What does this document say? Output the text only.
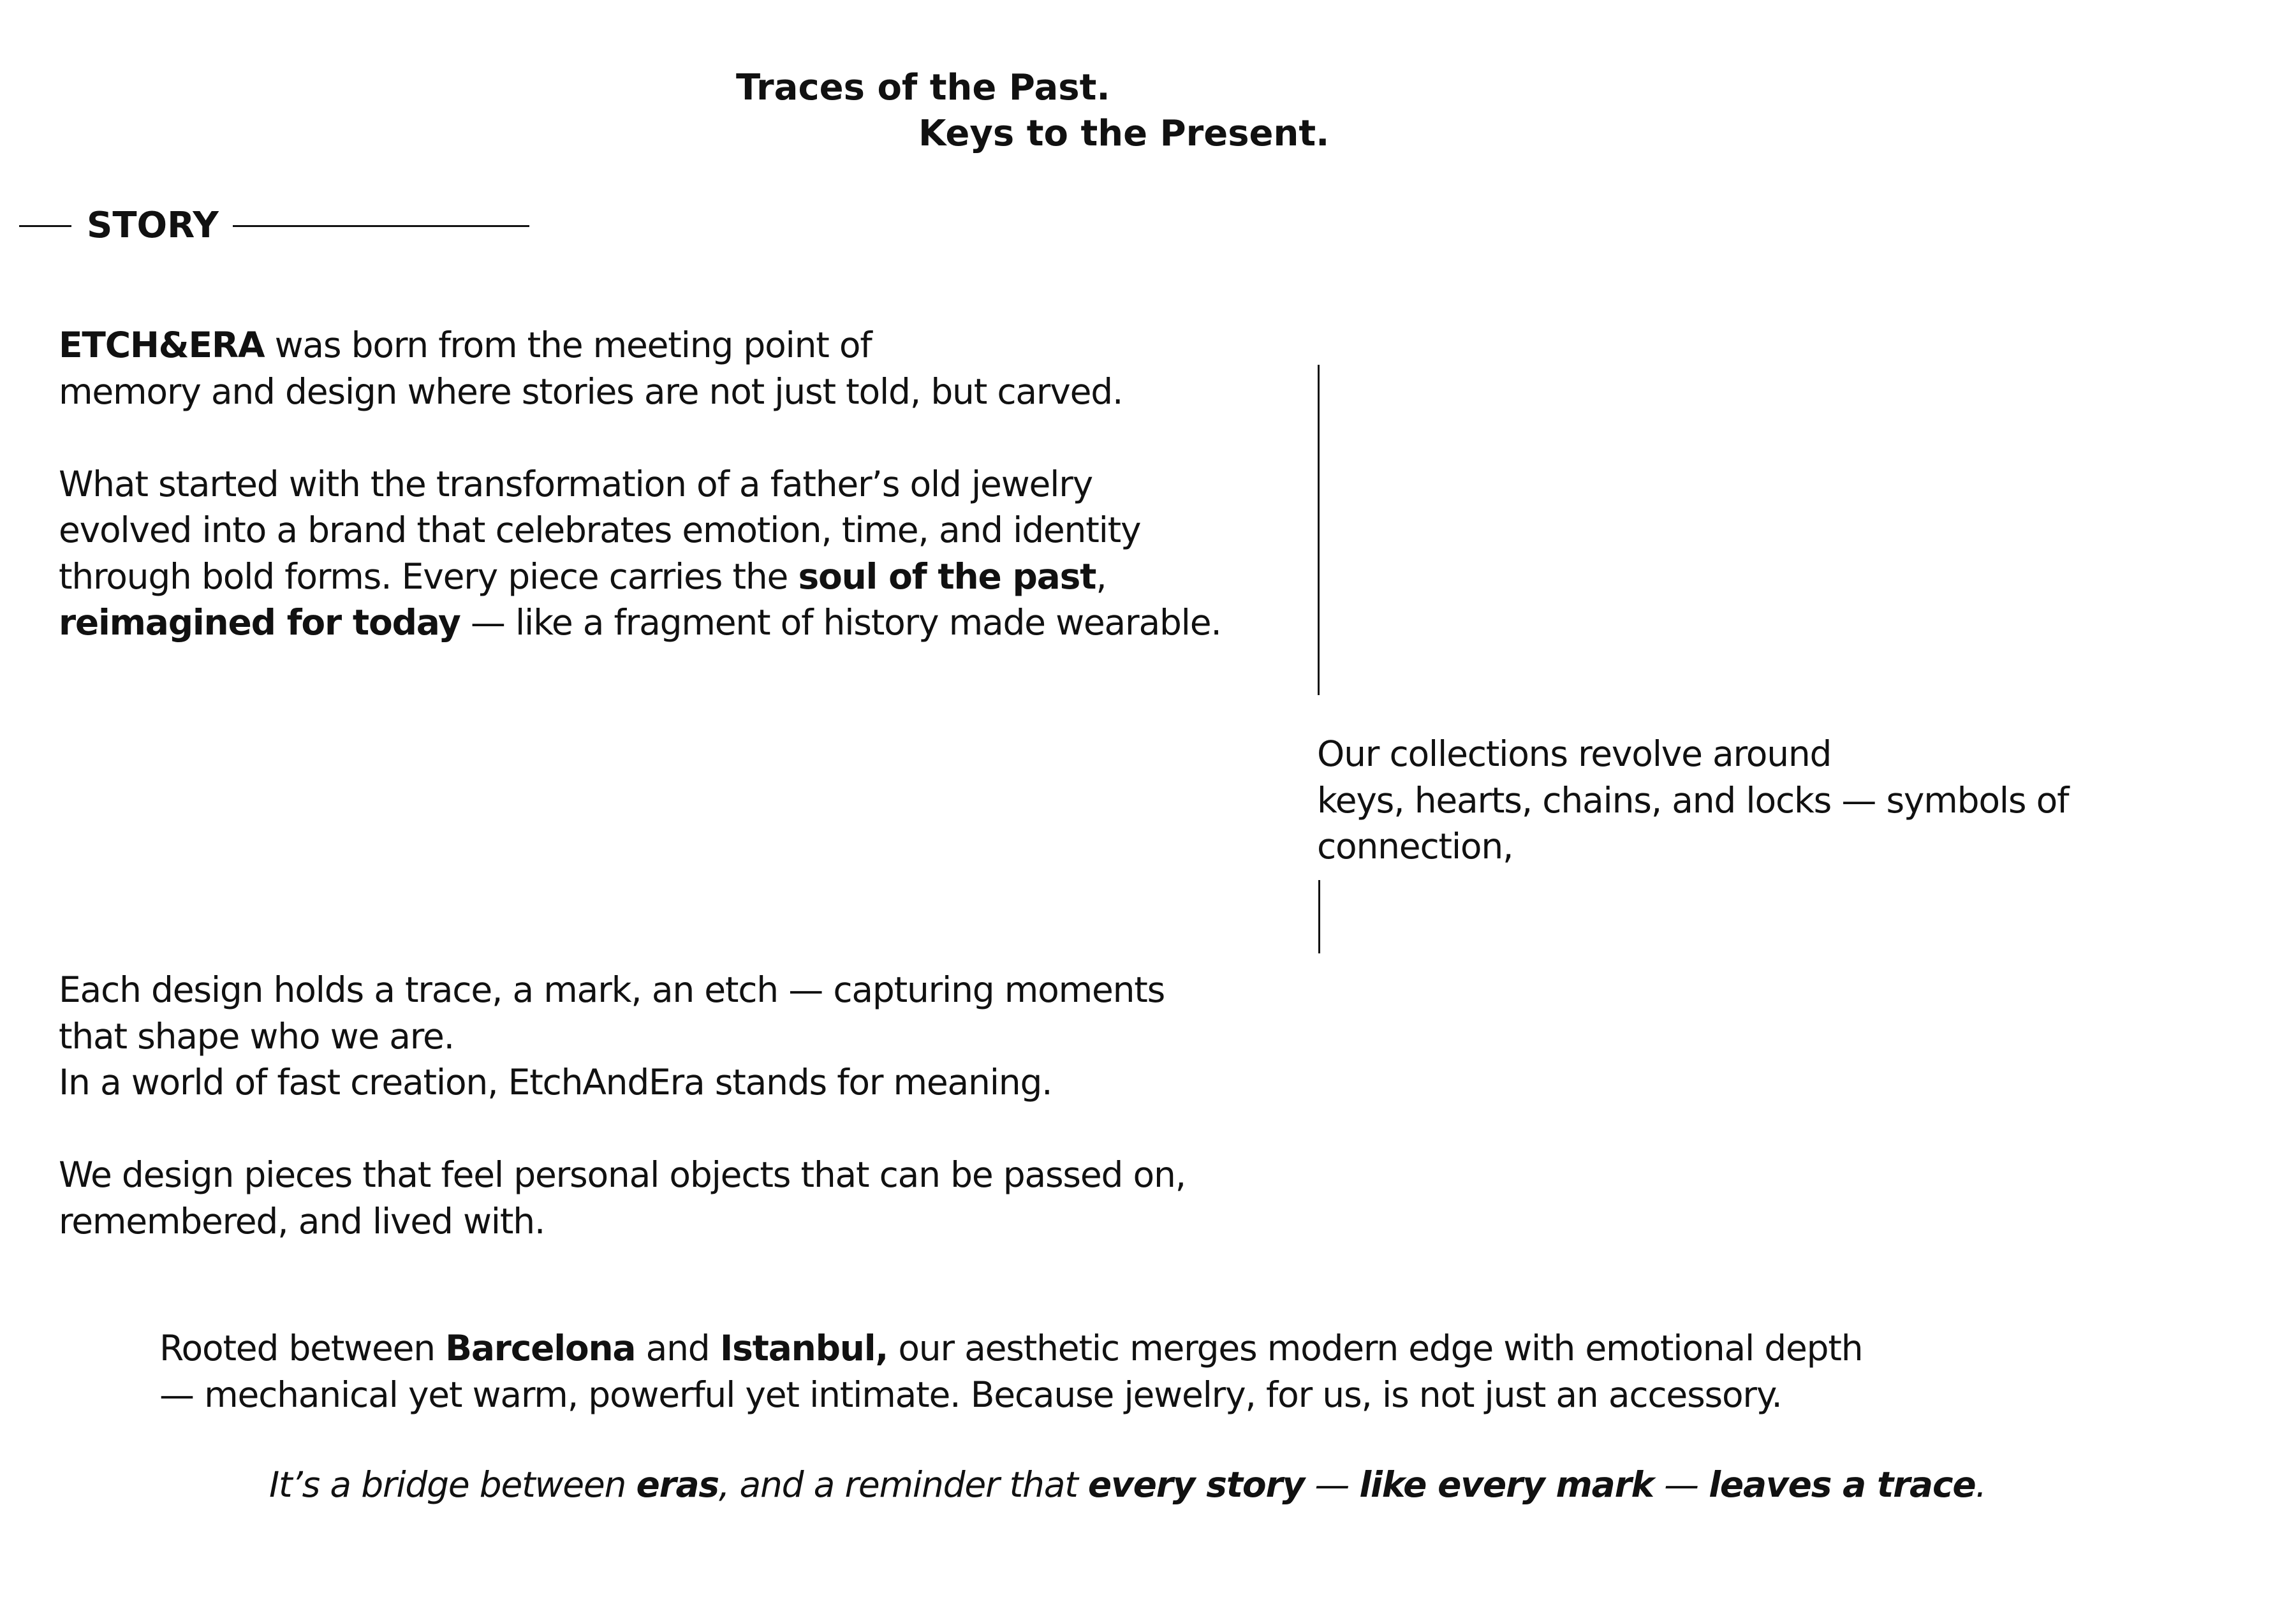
Traces of the Past.
Keys to the Present.
STORY
ETCH&ERA was born from the meeting point of
memory and design where stories are not just told, but carved.
What started with the transformation of a father’s old jewelry
evolved into a brand that celebrates emotion, time, and identity
through bold forms. Every piece carries the soul of the past,
reimagined for today — like a fragment of history made wearable.
Our collections revolve around
keys, hearts, chains, and locks — symbols of
connection,
Each design holds a trace, a mark, an etch — capturing moments
that shape who we are.
In a world of fast creation, EtchAndEra stands for meaning.
We design pieces that feel personal objects that can be passed on,
remembered, and lived with.
Rooted between Barcelona and Istanbul, our aesthetic merges modern edge with emotional depth
— mechanical yet warm, powerful yet intimate. Because jewelry, for us, is not just an accessory.
It’s a bridge between eras, and a reminder that every story — like every mark — leaves a trace.
